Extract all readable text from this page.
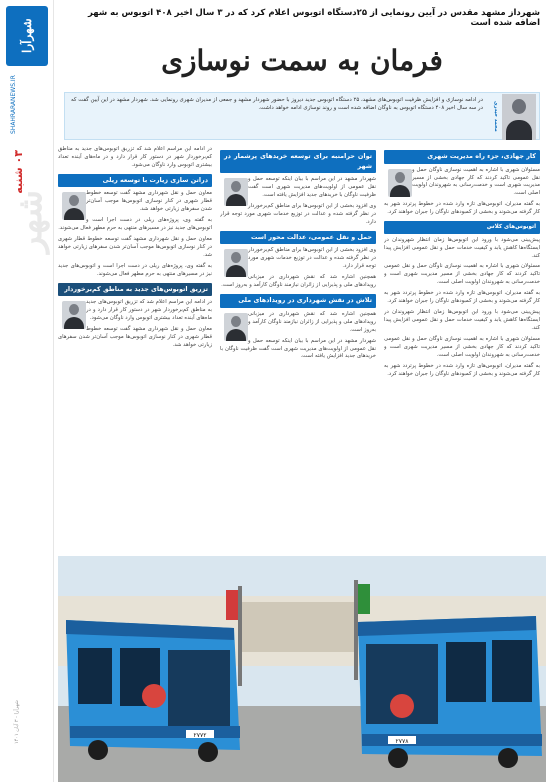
شهرآرا
SHAHRARANEWS.IR
۰۳ شنبه
شهر
شهرآرا - ۳ آبان ۱۴۰۱
شهرداز مشهد مقدس در آیین رونمایی از ۲۵دستگاه اتوبوس اعلام کرد که در ۳ سال اخیر ۴۰۸ اتوبوس به شهر اضافه شده است
فرمان به سمت نوسازی
محمد حیدری
در ادامه نوسازی و افزایش ظرفیت اتوبوس‌های مشهد، ۲۵ دستگاه اتوبوس جدید دیروز با حضور شهردار مشهد و جمعی از مدیران شهری رونمایی شد. شهردار مشهد در این آیین گفت که در سه سال اخیر ۴۰۸ دستگاه اتوبوس به ناوگان اضافه شده است و روند نوسازی ادامه خواهد داشت.
کار جهادی، جزء راه مدیریت شهری

مسئولان شهری با اشاره به اهمیت نوسازی ناوگان حمل و نقل عمومی تاکید کردند که کار جهادی بخشی از مسیر مدیریت شهری است و خدمت‌رسانی به شهروندان اولویت اصلی است.

به گفته مدیران، اتوبوس‌های تازه وارد شده در خطوط پرتردد شهر به کار گرفته می‌شوند و بخشی از کمبودهای ناوگان را جبران خواهند کرد.

اتوبوس‌های کلاس

پیش‌بینی می‌شود با ورود این اتوبوس‌ها زمان انتظار شهروندان در ایستگاه‌ها کاهش یابد و کیفیت خدمات حمل و نقل عمومی افزایش پیدا کند.

مسئولان شهری با اشاره به اهمیت نوسازی ناوگان حمل و نقل عمومی تاکید کردند که کار جهادی بخشی از مسیر مدیریت شهری است و خدمت‌رسانی به شهروندان اولویت اصلی است.

به گفته مدیران، اتوبوس‌های تازه وارد شده در خطوط پرتردد شهر به کار گرفته می‌شوند و بخشی از کمبودهای ناوگان را جبران خواهند کرد.

پیش‌بینی می‌شود با ورود این اتوبوس‌ها زمان انتظار شهروندان در ایستگاه‌ها کاهش یابد و کیفیت خدمات حمل و نقل عمومی افزایش پیدا کند.

مسئولان شهری با اشاره به اهمیت نوسازی ناوگان حمل و نقل عمومی تاکید کردند که کار جهادی بخشی از مسیر مدیریت شهری است و خدمت‌رسانی به شهروندان اولویت اصلی است.

به گفته مدیران، اتوبوس‌های تازه وارد شده در خطوط پرتردد شهر به کار گرفته می‌شوند و بخشی از کمبودهای ناوگان را جبران خواهند کرد.

توان حرامنبه برای توسعه خریدهای پرشمار در شهر

شهردار مشهد در این مراسم با بیان اینکه توسعه حمل و نقل عمومی از اولویت‌های مدیریت شهری است گفت ظرفیت ناوگان با خریدهای جدید افزایش یافته است.

وی افزود بخشی از این اتوبوس‌ها برای مناطق کم‌برخوردار در نظر گرفته شده و عدالت در توزیع خدمات شهری مورد توجه قرار دارد.

حمل و نقل عمومی، عدالت محور است

وی افزود بخشی از این اتوبوس‌ها برای مناطق کم‌برخوردار در نظر گرفته شده و عدالت در توزیع خدمات شهری مورد توجه قرار دارد.

همچنین اشاره شد که نقش شهرداری در میزبانی رویدادهای ملی و پذیرایی از زائران نیازمند ناوگان کارآمد و به‌روز است.

تلاش در نقش شهرداری در رویدادهای ملی

همچنین اشاره شد که نقش شهرداری در میزبانی رویدادهای ملی و پذیرایی از زائران نیازمند ناوگان کارآمد و به‌روز است.

شهردار مشهد در این مراسم با بیان اینکه توسعه حمل و نقل عمومی از اولویت‌های مدیریت شهری است گفت ظرفیت ناوگان با خریدهای جدید افزایش یافته است.

در ادامه این مراسم اعلام شد که تزریق اتوبوس‌های جدید به مناطق کم‌برخوردار شهر در دستور کار قرار دارد و در ماه‌های آینده تعداد بیشتری اتوبوس وارد ناوگان می‌شود.

دراتن سازی زیارت با توسعه ریلی

معاون حمل و نقل شهرداری مشهد گفت توسعه خطوط قطار شهری در کنار نوسازی اتوبوس‌ها موجب آسان‌تر شدن سفرهای زیارتی خواهد شد.

به گفته وی، پروژه‌های ریلی در دست اجرا است و اتوبوس‌های جدید نیز در مسیرهای منتهی به حرم مطهر فعال می‌شوند.

معاون حمل و نقل شهرداری مشهد گفت توسعه خطوط قطار شهری در کنار نوسازی اتوبوس‌ها موجب آسان‌تر شدن سفرهای زیارتی خواهد شد.

به گفته وی، پروژه‌های ریلی در دست اجرا است و اتوبوس‌های جدید نیز در مسیرهای منتهی به حرم مطهر فعال می‌شوند.

تزریق اتوبوس‌های جدید به مناطق کم‌برخوردار

در ادامه این مراسم اعلام شد که تزریق اتوبوس‌های جدید به مناطق کم‌برخوردار شهر در دستور کار قرار دارد و در ماه‌های آینده تعداد بیشتری اتوبوس وارد ناوگان می‌شود.

معاون حمل و نقل شهرداری مشهد گفت توسعه خطوط قطار شهری در کنار نوسازی اتوبوس‌ها موجب آسان‌تر شدن سفرهای زیارتی خواهد شد.

۲۷۷۲
۲۷۷۸
